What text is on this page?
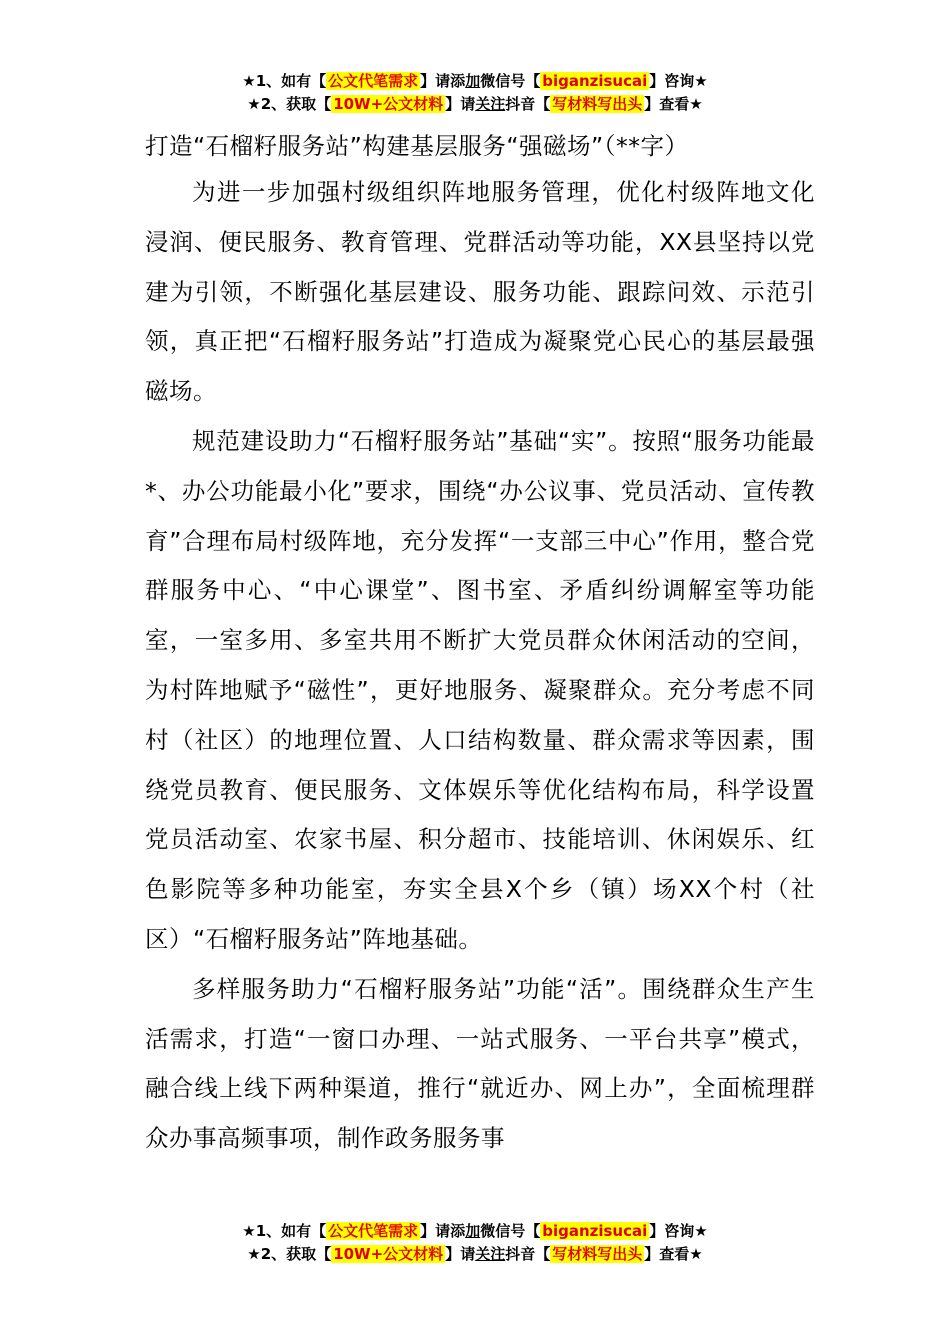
★1、如有【 公文代笔需求 】请添加微信号【 biganzisucai 】咨询★
★2、获取【 10W+公文材料 】请关注抖音【 写材料写出头 】查看★
打造“石榴籽服务站”构建基层服务“强磁场”（**字）

为进一步加强村级组织阵地服务管理，优化村级阵地文化浸润、便民服务、教育管理、党群活动等功能，XX县坚持以党建为引领，不断强化基层建设、服务功能、跟踪问效、示范引领，真正把“石榴籽服务站”打造成为凝聚党心民心的基层最强磁场。

规范建设助力“石榴籽服务站”基础“实”。按照“服务功能最*、办公功能最小化”要求，围绕“办公议事、党员活动、宣传教育”合理布局村级阵地，充分发挥“一支部三中心”作用，整合党群服务中心、“中心课堂”、图书室、矛盾纠纷调解室等功能室，一室多用、多室共用不断扩大党员群众休闲活动的空间，为村阵地赋予“磁性”，更好地服务、凝聚群众。充分考虑不同村（社区）的地理位置、人口结构数量、群众需求等因素，围绕党员教育、便民服务、文体娱乐等优化结构布局，科学设置党员活动室、农家书屋、积分超市、技能培训、休闲娱乐、红色影院等多种功能室，夯实全县X个乡（镇）场XX个村（社区）“石榴籽服务站”阵地基础。

多样服务助力“石榴籽服务站”功能“活”。围绕群众生产生活需求，打造“一窗口办理、一站式服务、一平台共享”模式，融合线上线下两种渠道，推行“就近办、网上办”，全面梳理群众办事高频事项，制作政务服务事

★1、如有【 公文代笔需求 】请添加微信号【 biganzisucai 】咨询★
★2、获取【 10W+公文材料 】请关注抖音【 写材料写出头 】查看★
